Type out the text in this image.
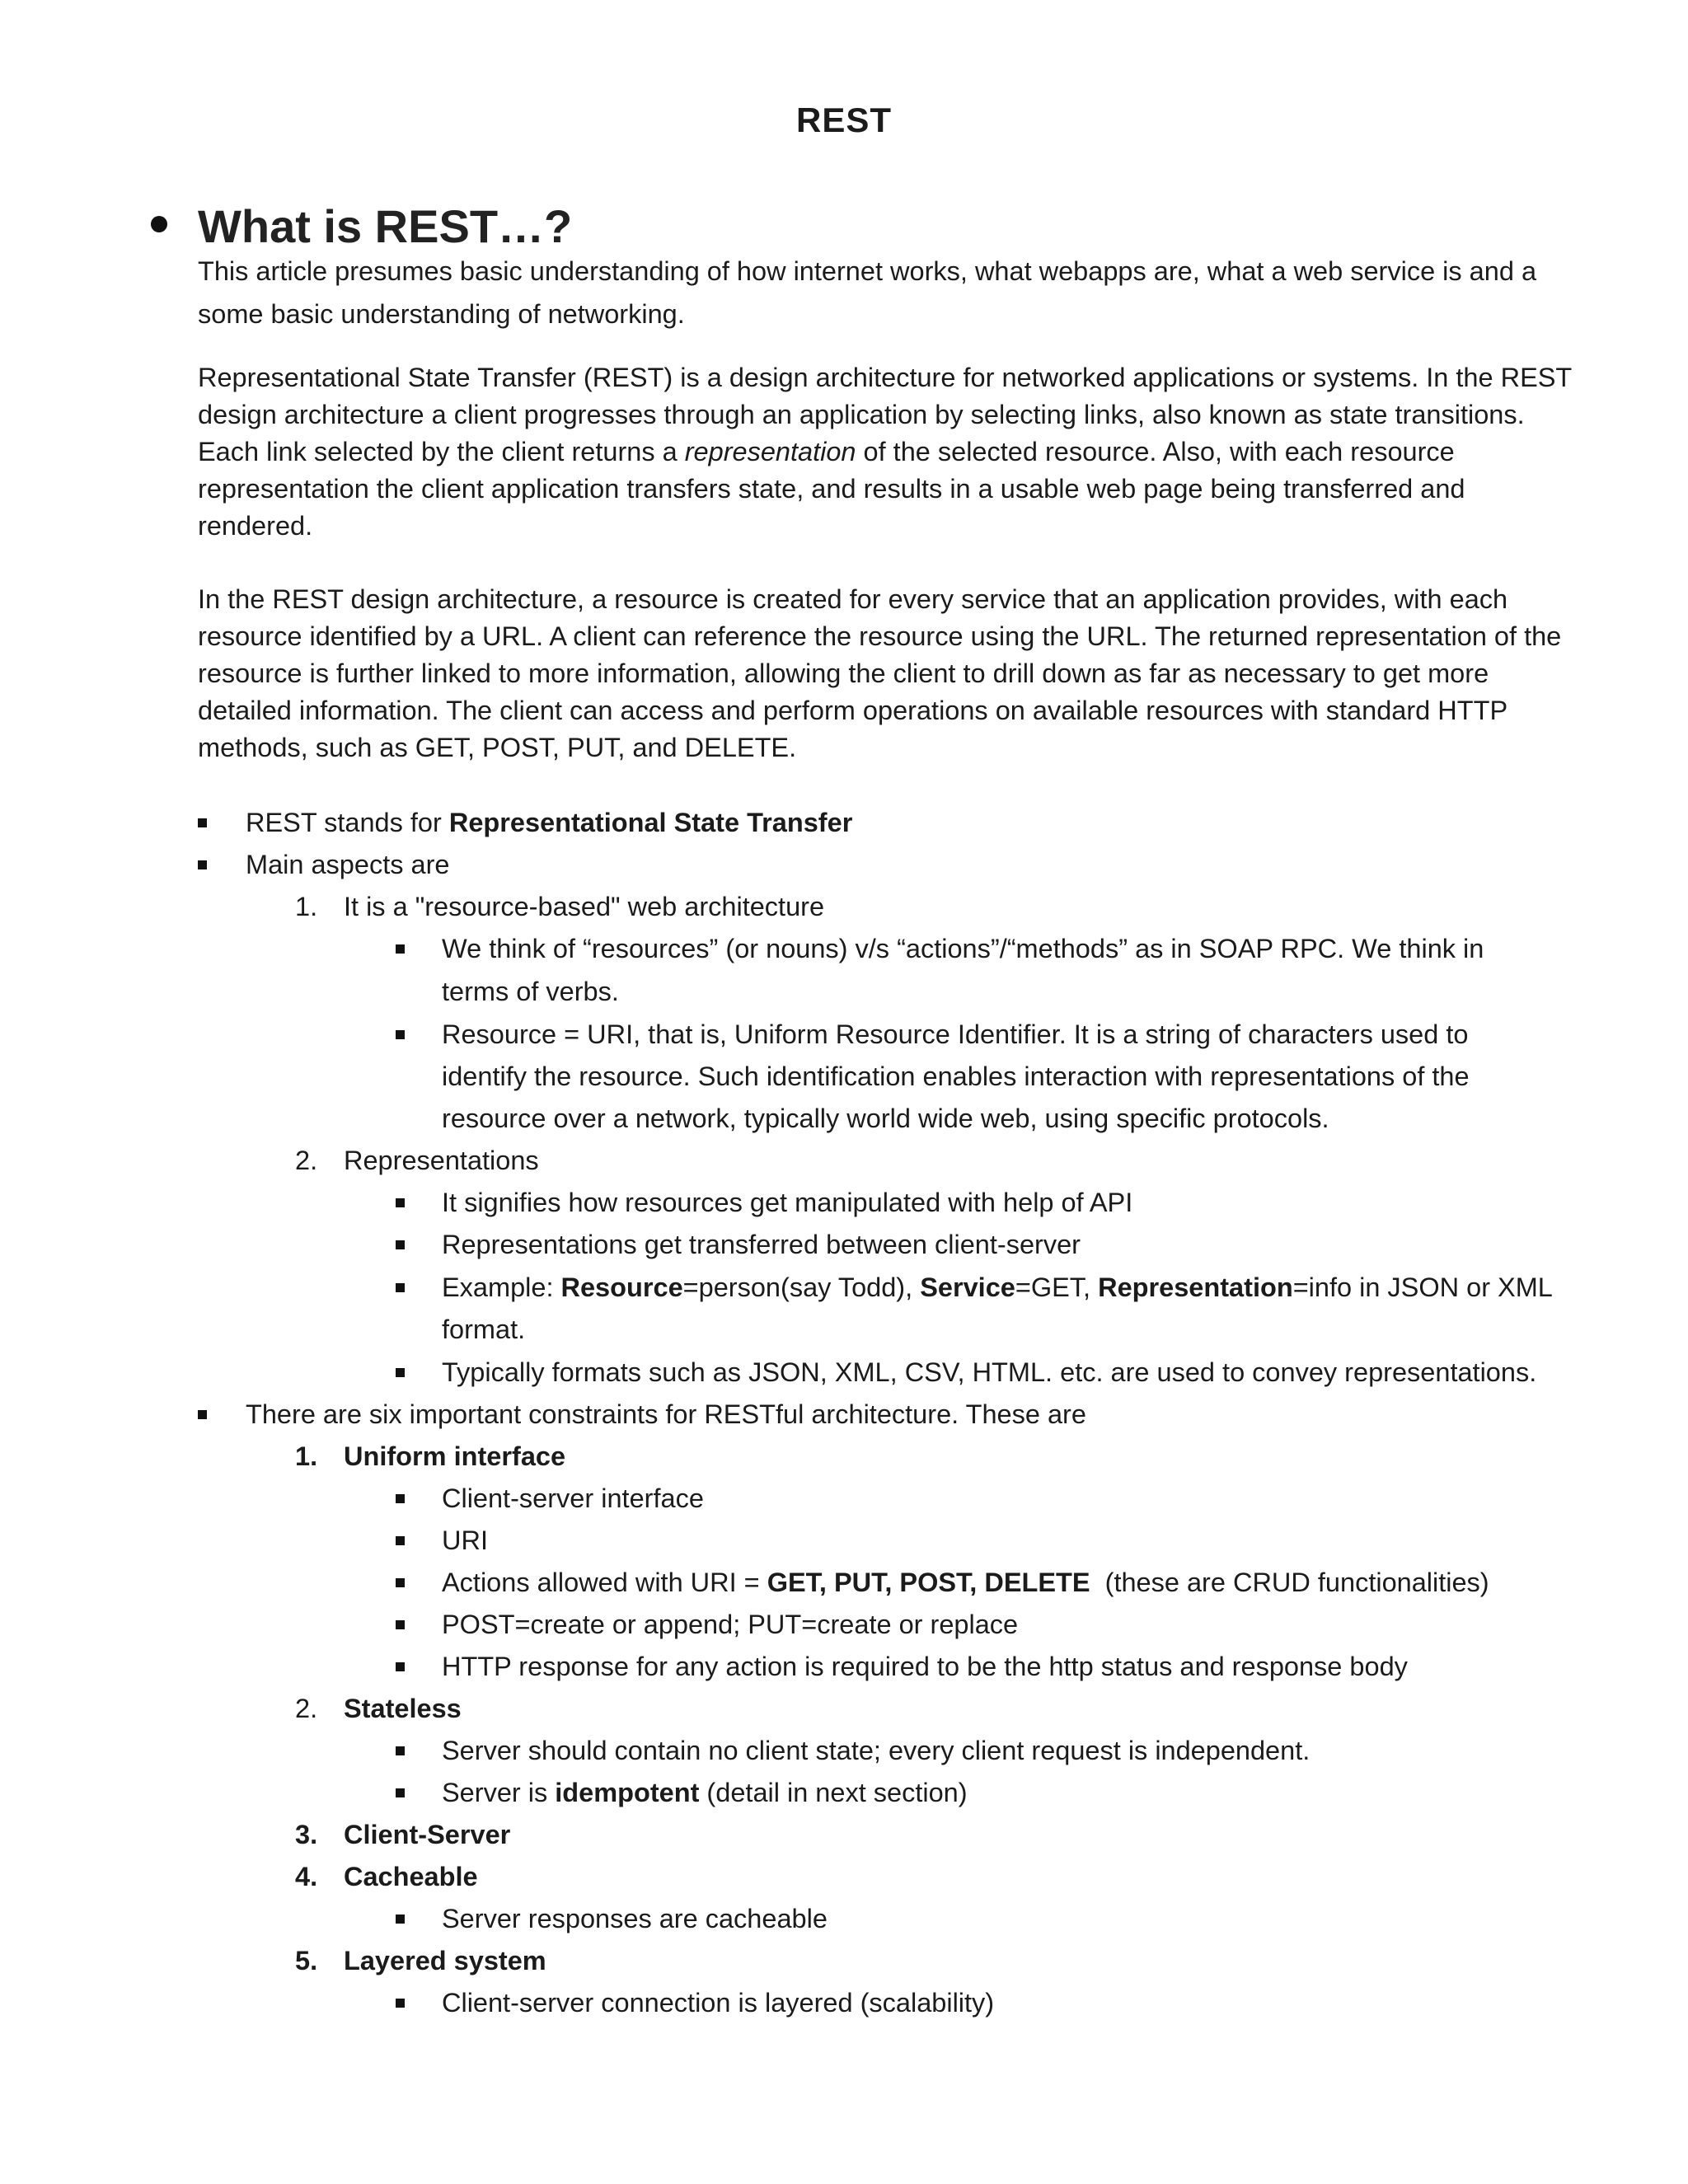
REST
What is REST…?

This article presumes basic understanding of how internet works, what webapps are, what a web service is and a some basic understanding of networking.

Representational State Transfer (REST) is a design architecture for networked applications or systems. In the REST design architecture a client progresses through an application by selecting links, also known as state transitions. Each link selected by the client returns a representation of the selected resource. Also, with each resource representation the client application transfers state, and results in a usable web page being transferred and rendered.

In the REST design architecture, a resource is created for every service that an application provides, with each resource identified by a URL. A client can reference the resource using the URL. The returned representation of the resource is further linked to more information, allowing the client to drill down as far as necessary to get more detailed information. The client can access and perform operations on available resources with standard HTTP methods, such as GET, POST, PUT, and DELETE.

REST stands for Representational State Transfer
Main aspects are
1. It is a "resource-based" web architecture
We think of “resources” (or nouns) v/s “actions”/“methods” as in SOAP RPC. We think in
terms of verbs.
Resource = URI, that is, Uniform Resource Identifier. It is a string of characters used to
identify the resource. Such identification enables interaction with representations of the
resource over a network, typically world wide web, using specific protocols.
2. Representations
It signifies how resources get manipulated with help of API
Representations get transferred between client-server
Example: Resource=person(say Todd), Service=GET, Representation=info in JSON or XML
format.
Typically formats such as JSON, XML, CSV, HTML. etc. are used to convey representations.
There are six important constraints for RESTful architecture. These are
1. Uniform interface
Client-server interface
URI
Actions allowed with URI = GET, PUT, POST, DELETE  (these are CRUD functionalities)
POST=create or append; PUT=create or replace
HTTP response for any action is required to be the http status and response body
2. Stateless
Server should contain no client state; every client request is independent.
Server is idempotent (detail in next section)
3. Client-Server
4. Cacheable
Server responses are cacheable
5. Layered system
Client-server connection is layered (scalability)
